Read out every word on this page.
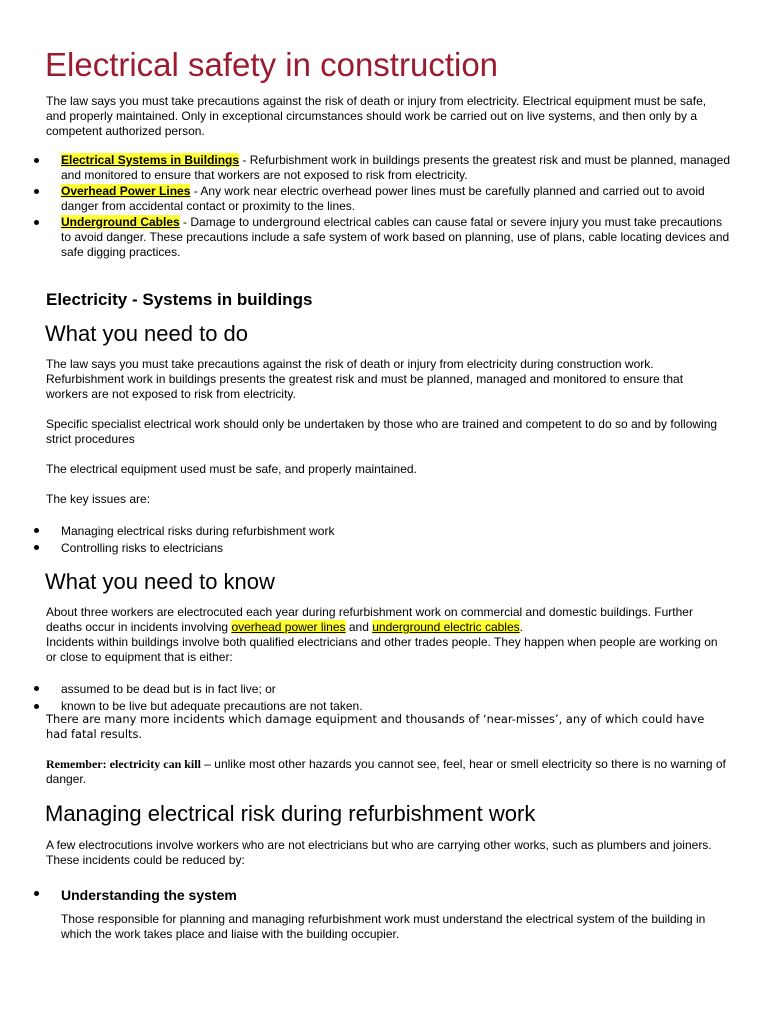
Electrical safety in construction

The law says you must take precautions against the risk of death or injury from electricity. Electrical equipment must be safe, and properly maintained. Only in exceptional circumstances should work be carried out on live systems, and then only by a competent authorized person.

Electrical Systems in Buildings - Refurbishment work in buildings presents the greatest risk and must be planned, managed and monitored to ensure that workers are not exposed to risk from electricity.
Overhead Power Lines - Any work near electric overhead power lines must be carefully planned and carried out to avoid danger from accidental contact or proximity to the lines.
Underground Cables - Damage to underground electrical cables can cause fatal or severe injury you must take precautions to avoid danger. These precautions include a safe system of work based on planning, use of plans, cable locating devices and safe digging practices.
Electricity - Systems in buildings
What you need to do

The law says you must take precautions against the risk of death or injury from electricity during construction work. Refurbishment work in buildings presents the greatest risk and must be planned, managed and monitored to ensure that workers are not exposed to risk from electricity.

Specific specialist electrical work should only be undertaken by those who are trained and competent to do so and by following strict procedures

The electrical equipment used must be safe, and properly maintained.

The key issues are:

Managing electrical risks during refurbishment work
Controlling risks to electricians
What you need to know

About three workers are electrocuted each year during refurbishment work on commercial and domestic buildings. Further deaths occur in incidents involving overhead power lines and underground electric cables.

Incidents within buildings involve both qualified electricians and other trades people. They happen when people are working on or close to equipment that is either:

assumed to be dead but is in fact live; or
known to be live but adequate precautions are not taken.

There are many more incidents which damage equipment and thousands of ‘near-misses’, any of which could have had fatal results.

Remember: electricity can kill – unlike most other hazards you cannot see, feel, hear or smell electricity so there is no warning of danger.

Managing electrical risk during refurbishment work

A few electrocutions involve workers who are not electricians but who are carrying other works, such as plumbers and joiners. These incidents could be reduced by:

Understanding the system

Those responsible for planning and managing refurbishment work must understand the electrical system of the building in which the work takes place and liaise with the building occupier.
